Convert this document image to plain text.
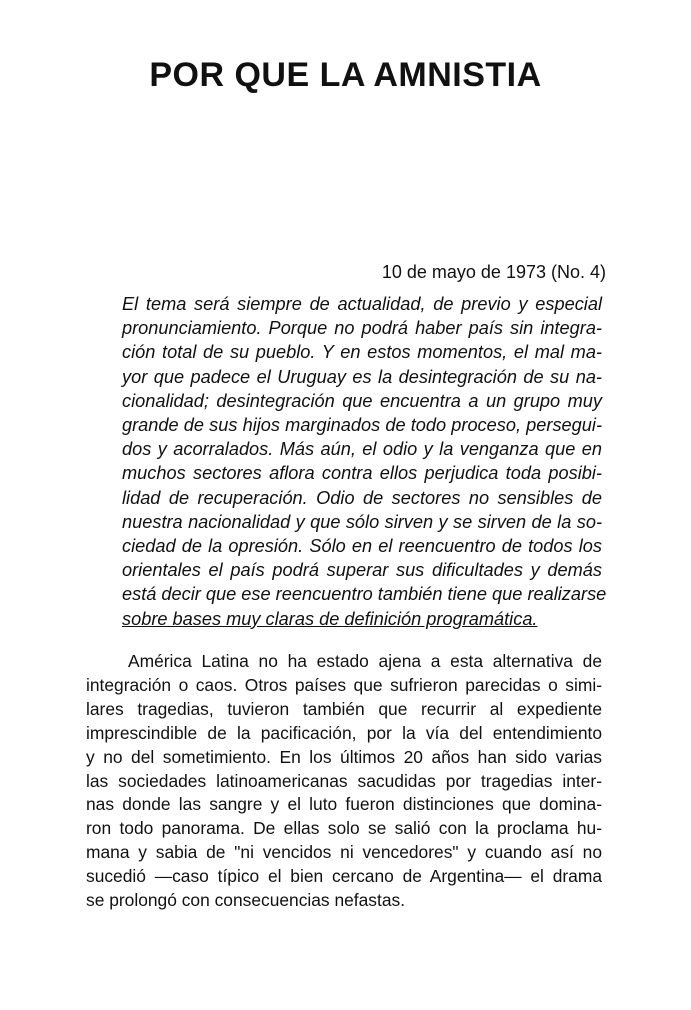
POR QUE LA AMNISTIA

10 de mayo de 1973 (No. 4)

El tema será siempre de actualidad, de previo y especial
pronunciamiento. Porque no podrá haber país sin integra-
ción total de su pueblo. Y en estos momentos, el mal ma-
yor que padece el Uruguay es la desintegración de su na-
cionalidad; desintegración que encuentra a un grupo muy
grande de sus hijos marginados de todo proceso, persegui-
dos y acorralados. Más aún, el odio y la venganza que en
muchos sectores aflora contra ellos perjudica toda posibi-
lidad de recuperación. Odio de sectores no sensibles de
nuestra nacionalidad y que sólo sirven y se sirven de la so-
ciedad de la opresión. Sólo en el reencuentro de todos los
orientales el país podrá superar sus dificultades y demás
está decir que ese reencuentro también tiene que realizarse
sobre bases muy claras de definición programática.
América Latina no ha estado ajena a esta alternativa de
integración o caos. Otros países que sufrieron parecidas o simi-
lares tragedias, tuvieron también que recurrir al expediente
imprescindible de la pacificación, por la vía del entendimiento
y no del sometimiento. En los últimos 20 años han sido varias
las sociedades latinoamericanas sacudidas por tragedias inter-
nas donde las sangre y el luto fueron distinciones que domina-
ron todo panorama. De ellas solo se salió con la proclama hu-
mana y sabia de "ni vencidos ni vencedores" y cuando así no
sucedió —caso típico el bien cercano de Argentina— el drama
se prolongó con consecuencias nefastas.
